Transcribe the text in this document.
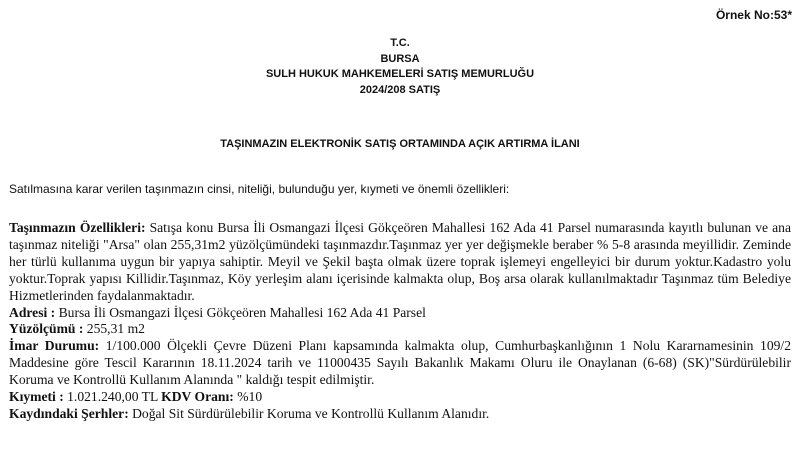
Örnek No:53*
T.C.
BURSA
SULH HUKUK MAHKEMELERİ SATIŞ MEMURLUĞU
2024/208 SATIŞ
TAŞINMAZIN ELEKTRONİK SATIŞ ORTAMINDA AÇIK ARTIRMA İLANI
Satılmasına karar verilen taşınmazın cinsi, niteliği, bulunduğu yer, kıymeti ve önemli özellikleri:

Taşınmazın Özellikleri: Satışa konu Bursa İli Osmangazi İlçesi Gökçeören Mahallesi 162 Ada 41 Parsel numarasında kayıtlı bulunan ve ana taşınmaz niteliği "Arsa" olan 255,31m2 yüzölçümündeki taşınmazdır.Taşınmaz yer yer değişmekle beraber % 5-8 arasında meyillidir. Zeminde her türlü kullanıma uygun bir yapıya sahiptir. Meyil ve Şekil başta olmak üzere toprak işlemeyi engelleyici bir durum yoktur.Kadastro yolu yoktur.Toprak yapısı Killidir.Taşınmaz, Köy yerleşim alanı içerisinde kalmakta olup, Boş arsa olarak kullanılmaktadır Taşınmaz tüm Belediye Hizmetlerinden faydalanmaktadır.

Adresi : Bursa İli Osmangazi İlçesi Gökçeören Mahallesi 162 Ada 41 Parsel

Yüzölçümü : 255,31 m2

İmar Durumu: 1/100.000 Ölçekli Çevre Düzeni Planı kapsamında kalmakta olup, Cumhurbaşkanlığının 1 Nolu Kararnamesinin 109/2 Maddesine göre Tescil Kararının 18.11.2024 tarih ve 11000435 Sayılı Bakanlık Makamı Oluru ile Onaylanan (6-68) (SK)"Sürdürülebilir Koruma ve Kontrollü Kullanım Alanında " kaldığı tespit edilmiştir.

Kıymeti : 1.021.240,00 TL KDV Oranı: %10

Kaydındaki Şerhler: Doğal Sit Sürdürülebilir Koruma ve Kontrollü Kullanım Alanıdır.
